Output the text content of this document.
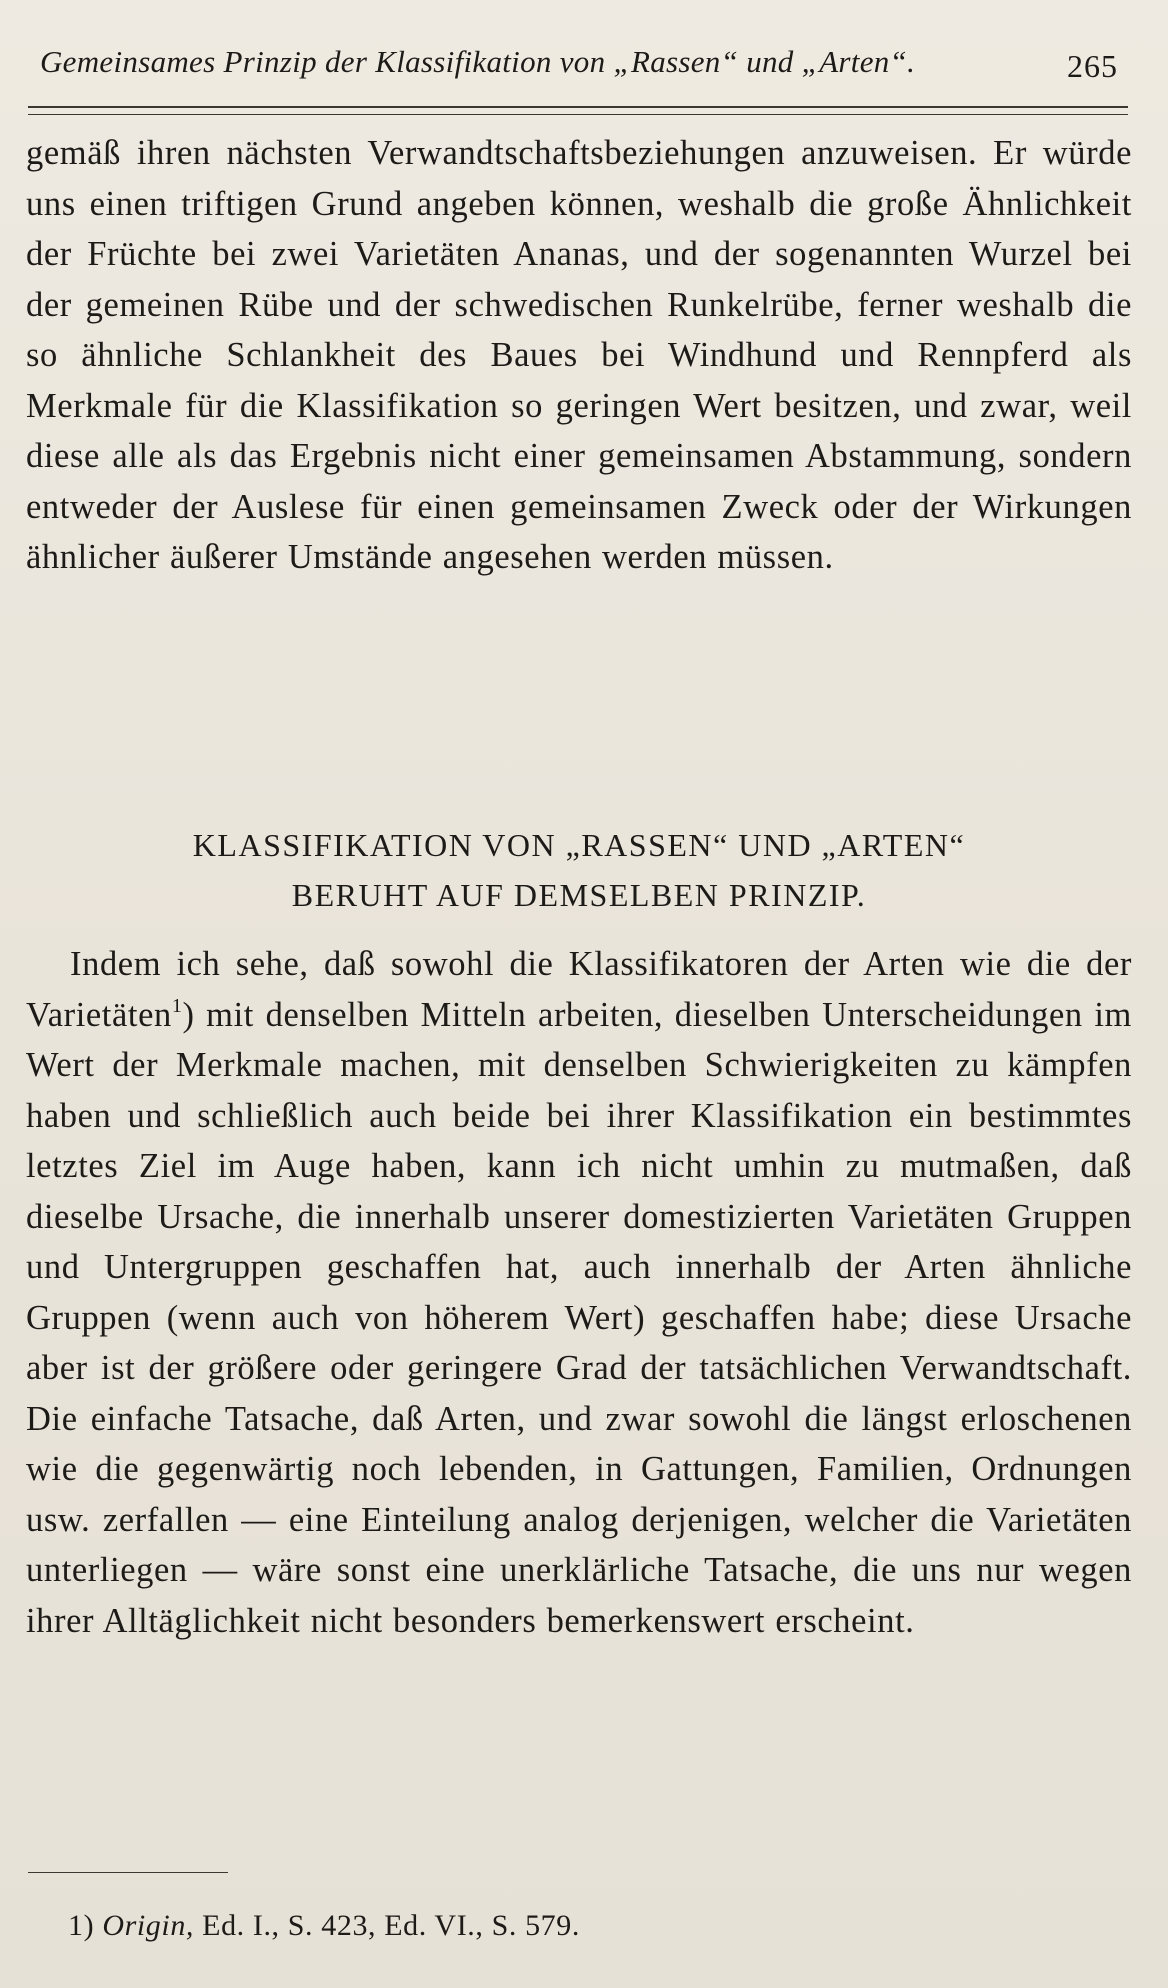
Gemeinsames Prinzip der Klassifikation von „Rassen“ und „Arten“.	265

gemäß ihren nächsten Verwandtschaftsbeziehungen anzuweisen. Er würde uns einen triftigen Grund angeben können, weshalb die große Ähnlichkeit der Früchte bei zwei Varietäten Ananas, und der sogenannten Wurzel bei der gemeinen Rübe und der schwedischen Runkelrübe, ferner weshalb die so ähnliche Schlankheit des Baues bei Windhund und Rennpferd als Merkmale für die Klassifikation so geringen Wert besitzen, und zwar, weil diese alle als das Ergebnis nicht einer gemeinsamen Abstammung, sondern entweder der Auslese für einen gemeinsamen Zweck oder der Wirkungen ähnlicher äußerer Umstände angesehen werden müssen.

KLASSIFIKATION VON „RASSEN“ UND „ARTEN“
BERUHT AUF DEMSELBEN PRINZIP.

Indem ich sehe, daß sowohl die Klassifikatoren der Arten wie die der Varietäten$^1$) mit denselben Mitteln arbeiten, dieselben Unterscheidungen im Wert der Merkmale machen, mit denselben Schwierigkeiten zu kämpfen haben und schließlich auch beide bei ihrer Klassifikation ein bestimmtes letztes Ziel im Auge haben, kann ich nicht umhin zu mutmaßen, daß dieselbe Ursache, die innerhalb unserer domestizierten Varietäten Gruppen und Untergruppen geschaffen hat, auch innerhalb der Arten ähnliche Gruppen (wenn auch von höherem Wert) geschaffen habe; diese Ursache aber ist der größere oder geringere Grad der tatsächlichen Verwandtschaft. Die einfache Tatsache, daß Arten, und zwar sowohl die längst erloschenen wie die gegenwärtig noch lebenden, in Gattungen, Familien, Ordnungen usw. zerfallen — eine Einteilung analog derjenigen, welcher die Varietäten unterliegen — wäre sonst eine unerklärliche Tatsache, die uns nur wegen ihrer Alltäglichkeit nicht besonders bemerkenswert erscheint.

1) Origin, Ed. I., S. 423, Ed. VI., S. 579.
